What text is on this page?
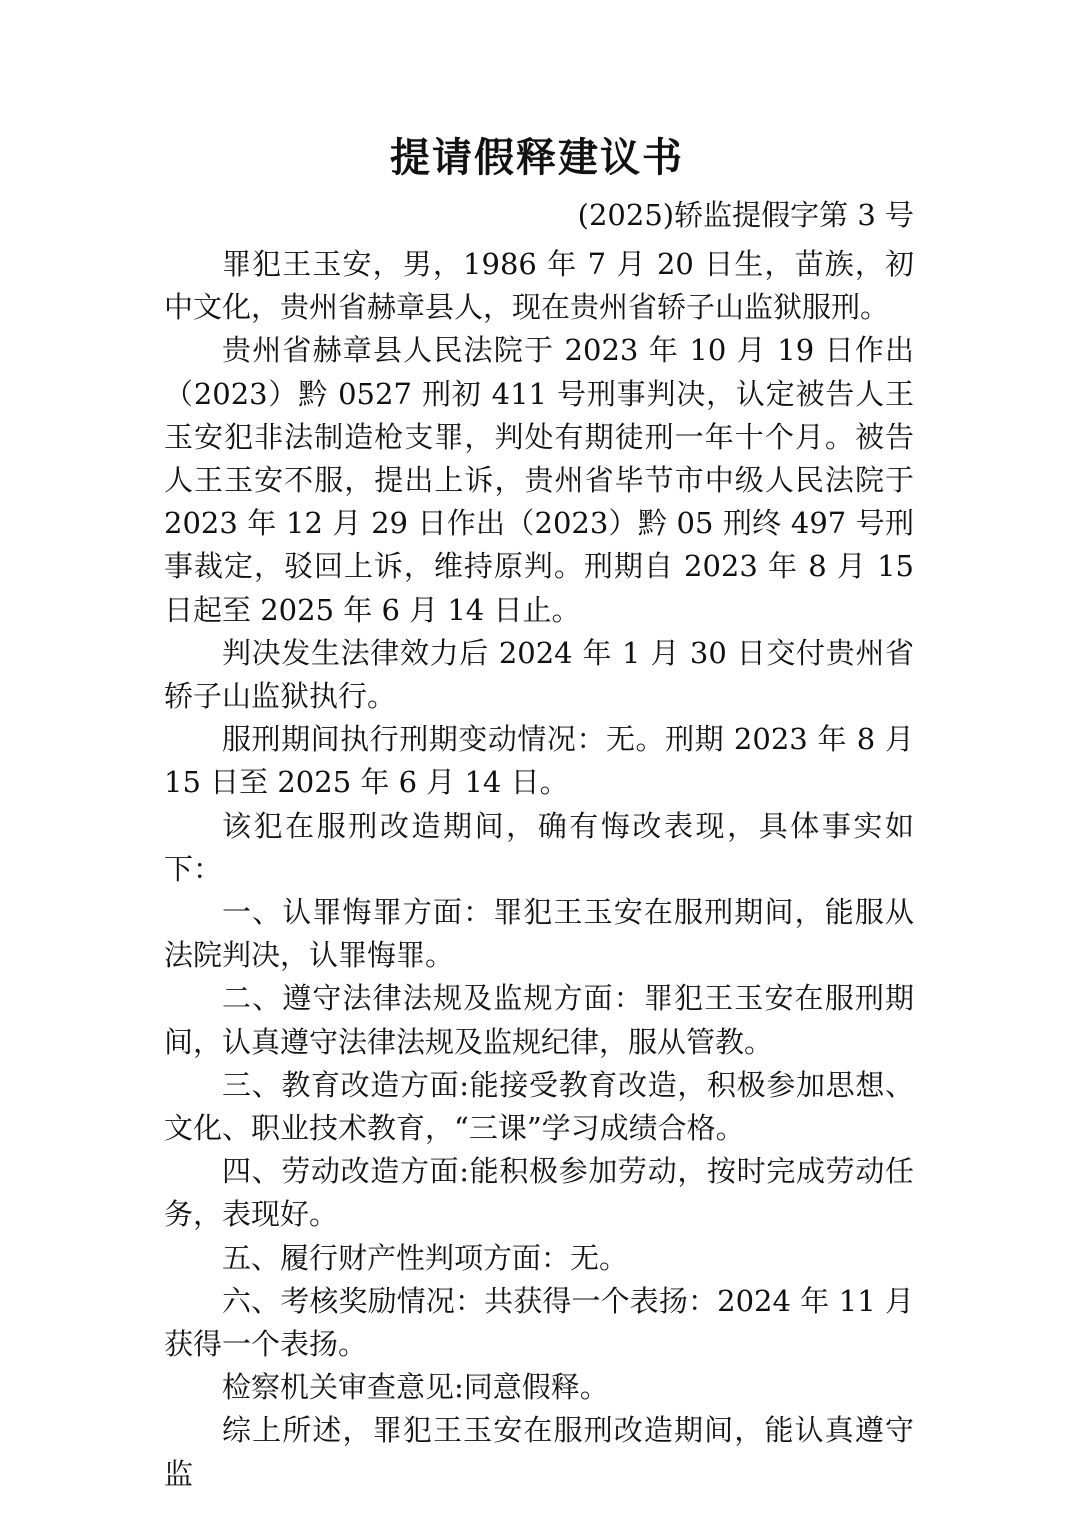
提请假释建议书
(2025)轿监提假字第 3 号

罪犯王玉安，男，1986 年 7 月 20 日生，苗族，初中文化，贵州省赫章县人，现在贵州省轿子山监狱服刑。

贵州省赫章县人民法院于 2023 年 10 月 19 日作出（2023）黔 0527 刑初 411 号刑事判决，认定被告人王玉安犯非法制造枪支罪，判处有期徒刑一年十个月。被告人王玉安不服，提出上诉，贵州省毕节市中级人民法院于 2023 年 12 月 29 日作出（2023）黔 05 刑终 497 号刑事裁定，驳回上诉，维持原判。刑期自 2023 年 8 月 15 日起至 2025 年 6 月 14 日止。

判决发生法律效力后 2024 年 1 月 30 日交付贵州省轿子山监狱执行。

服刑期间执行刑期变动情况：无。刑期 2023 年 8 月 15 日至 2025 年 6 月 14 日。

该犯在服刑改造期间，确有悔改表现，具体事实如下：

一、认罪悔罪方面：罪犯王玉安在服刑期间，能服从法院判决，认罪悔罪。

二、遵守法律法规及监规方面：罪犯王玉安在服刑期间，认真遵守法律法规及监规纪律，服从管教。

三、教育改造方面:能接受教育改造，积极参加思想、文化、职业技术教育，“三课”学习成绩合格。

四、劳动改造方面:能积极参加劳动，按时完成劳动任务，表现好。

五、履行财产性判项方面：无。

六、考核奖励情况：共获得一个表扬：2024 年 11 月获得一个表扬。

检察机关审查意见:同意假释。

综上所述，罪犯王玉安在服刑改造期间，能认真遵守监
